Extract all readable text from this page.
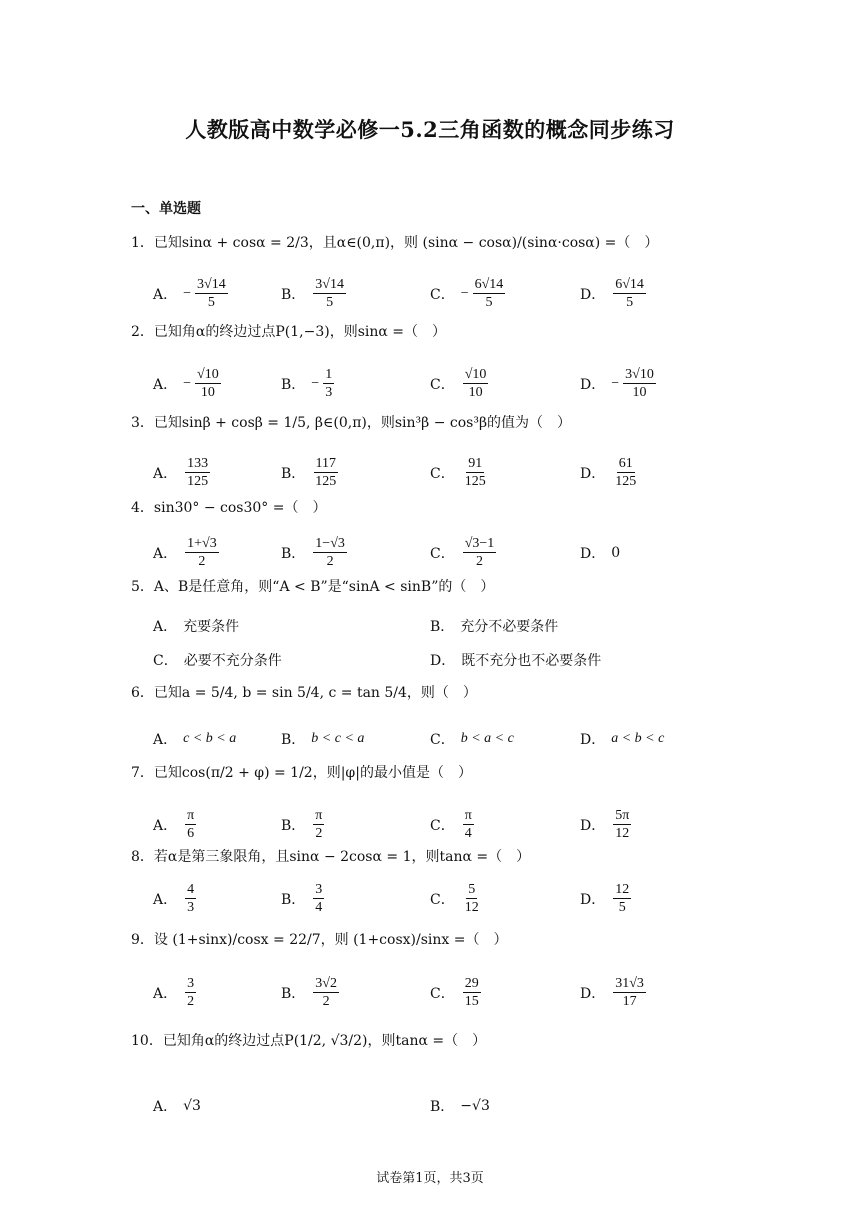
人教版高中数学必修一5.2三角函数的概念同步练习
一、单选题
1．已知sinα + cosα = 2/3，且α∈(0,π)，则 (sinα − cosα)/(sinα·cosα) =（　）
A． − $\frac{3√14}{5}$	B． $\frac{3√14}{5}$	C． − $\frac{6√14}{5}$	D． $\frac{6√14}{5}$
2．已知角α的终边过点P(1,−3)，则sinα =（　）
A． − $\frac{√10}{10}$	B． − $\frac{1}{3}$	C． $\frac{√10}{10}$	D． − $\frac{3√10}{10}$
3．已知sinβ + cosβ = 1/5, β∈(0,π)，则sin³β − cos³β的值为（　）
A． $\frac{133}{125}$	B． $\frac{117}{125}$	C． $\frac{91}{125}$	D． $\frac{61}{125}$
4．sin30° − cos30° =（　）
A． $\frac{1+√3}{2}$	B． $\frac{1-√3}{2}$	C． $\frac{√3-1}{2}$	D． 0
5．A、B是任意角，则“A < B”是“sinA < sinB”的（　）
A． 充要条件	B． 充分不必要条件
C． 必要不充分条件	D． 既不充分也不必要条件
6．已知a = 5/4, b = sin 5/4, c = tan 5/4，则（　）
A． c < b < a	B． b < c < a	C． b < a < c	D． a < b < c
7．已知cos(π/2 + φ) = 1/2，则|φ|的最小值是（　）
A． $\frac{\pi}{6}$	B． $\frac{\pi}{2}$	C． $\frac{\pi}{4}$	D． $\frac{5\pi}{12}$
8．若α是第三象限角，且sinα − 2cosα = 1，则tanα =（　）
A． $\frac{4}{3}$	B． $\frac{3}{4}$	C． $\frac{5}{12}$	D． $\frac{12}{5}$
9．设 (1+sinx)/cosx = 22/7，则 (1+cosx)/sinx =（　）
A． $\frac{3}{2}$	B． $\frac{3√2}{2}$	C． $\frac{29}{15}$	D． $\frac{31√3}{17}$
10．已知角α的终边过点P(1/2, √3/2)，则tanα =（　）
A． √3	B． −√3
试卷第1页，共3页
